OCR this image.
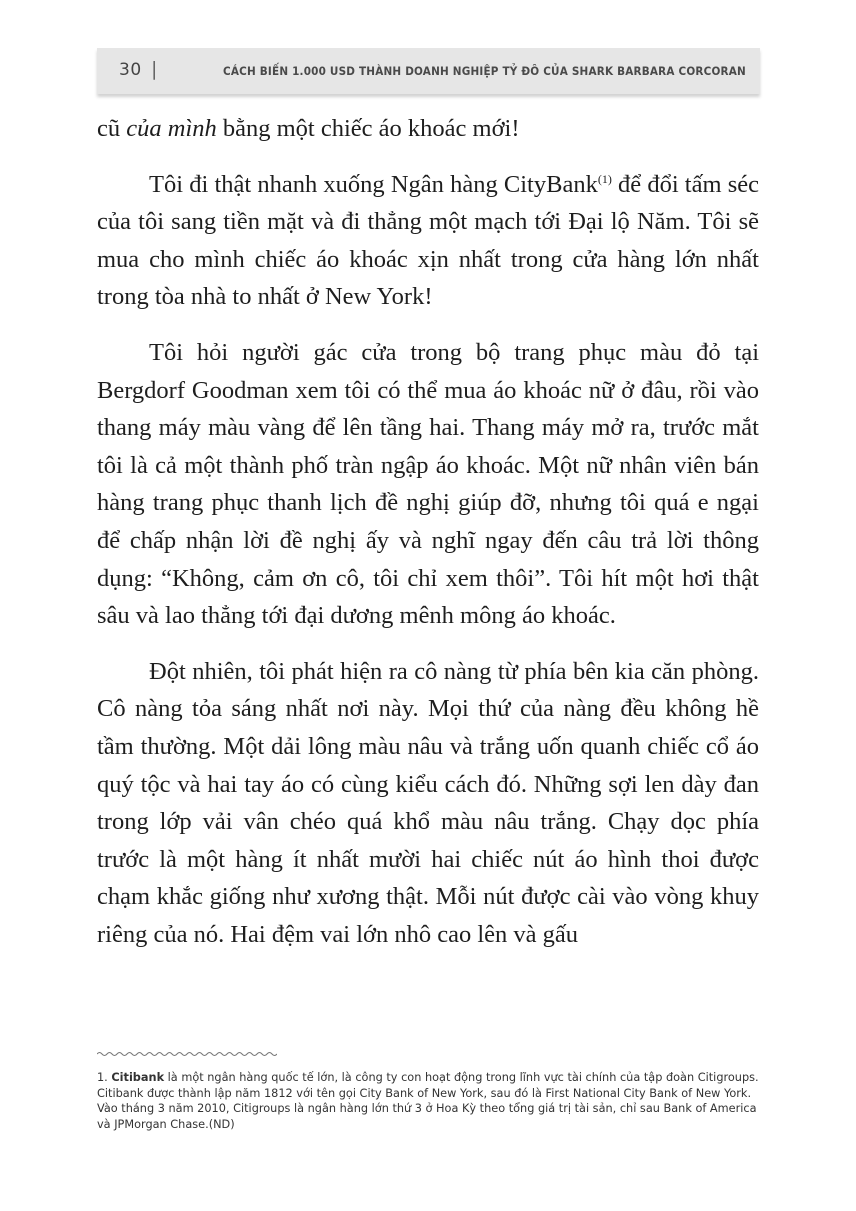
30 |	CÁCH BIẾN 1.000 USD THÀNH DOANH NGHIỆP TỶ ĐÔ CỦA SHARK BARBARA CORCORAN

cũ của mình bằng một chiếc áo khoác mới!

Tôi đi thật nhanh xuống Ngân hàng CityBank$^{(1)}$ để đổi tấm séc của tôi sang tiền mặt và đi thẳng một mạch tới Đại lộ Năm. Tôi sẽ mua cho mình chiếc áo khoác xịn nhất trong cửa hàng lớn nhất trong tòa nhà to nhất ở New York!

Tôi hỏi người gác cửa trong bộ trang phục màu đỏ tại Bergdorf Goodman xem tôi có thể mua áo khoác nữ ở đâu, rồi vào thang máy màu vàng để lên tầng hai. Thang máy mở ra, trước mắt tôi là cả một thành phố tràn ngập áo khoác. Một nữ nhân viên bán hàng trang phục thanh lịch đề nghị giúp đỡ, nhưng tôi quá e ngại để chấp nhận lời đề nghị ấy và nghĩ ngay đến câu trả lời thông dụng: “Không, cảm ơn cô, tôi chỉ xem thôi”. Tôi hít một hơi thật sâu và lao thẳng tới đại dương mênh mông áo khoác.

Đột nhiên, tôi phát hiện ra cô nàng từ phía bên kia căn phòng. Cô nàng tỏa sáng nhất nơi này. Mọi thứ của nàng đều không hề tầm thường. Một dải lông màu nâu và trắng uốn quanh chiếc cổ áo quý tộc và hai tay áo có cùng kiểu cách đó. Những sợi len dày đan trong lớp vải vân chéo quá khổ màu nâu trắng. Chạy dọc phía trước là một hàng ít nhất mười hai chiếc nút áo hình thoi được chạm khắc giống như xương thật. Mỗi nút được cài vào vòng khuy riêng của nó. Hai đệm vai lớn nhô cao lên và gấu

1. Citibank là một ngân hàng quốc tế lớn, là công ty con hoạt động trong lĩnh vực tài chính của tập đoàn Citigroups. Citibank được thành lập năm 1812 với tên gọi City Bank of New York, sau đó là First National City Bank of New York. Vào tháng 3 năm 2010, Citigroups là ngân hàng lớn thứ 3 ở Hoa Kỳ theo tổng giá trị tài sản, chỉ sau Bank of America và JPMorgan Chase.(ND)
